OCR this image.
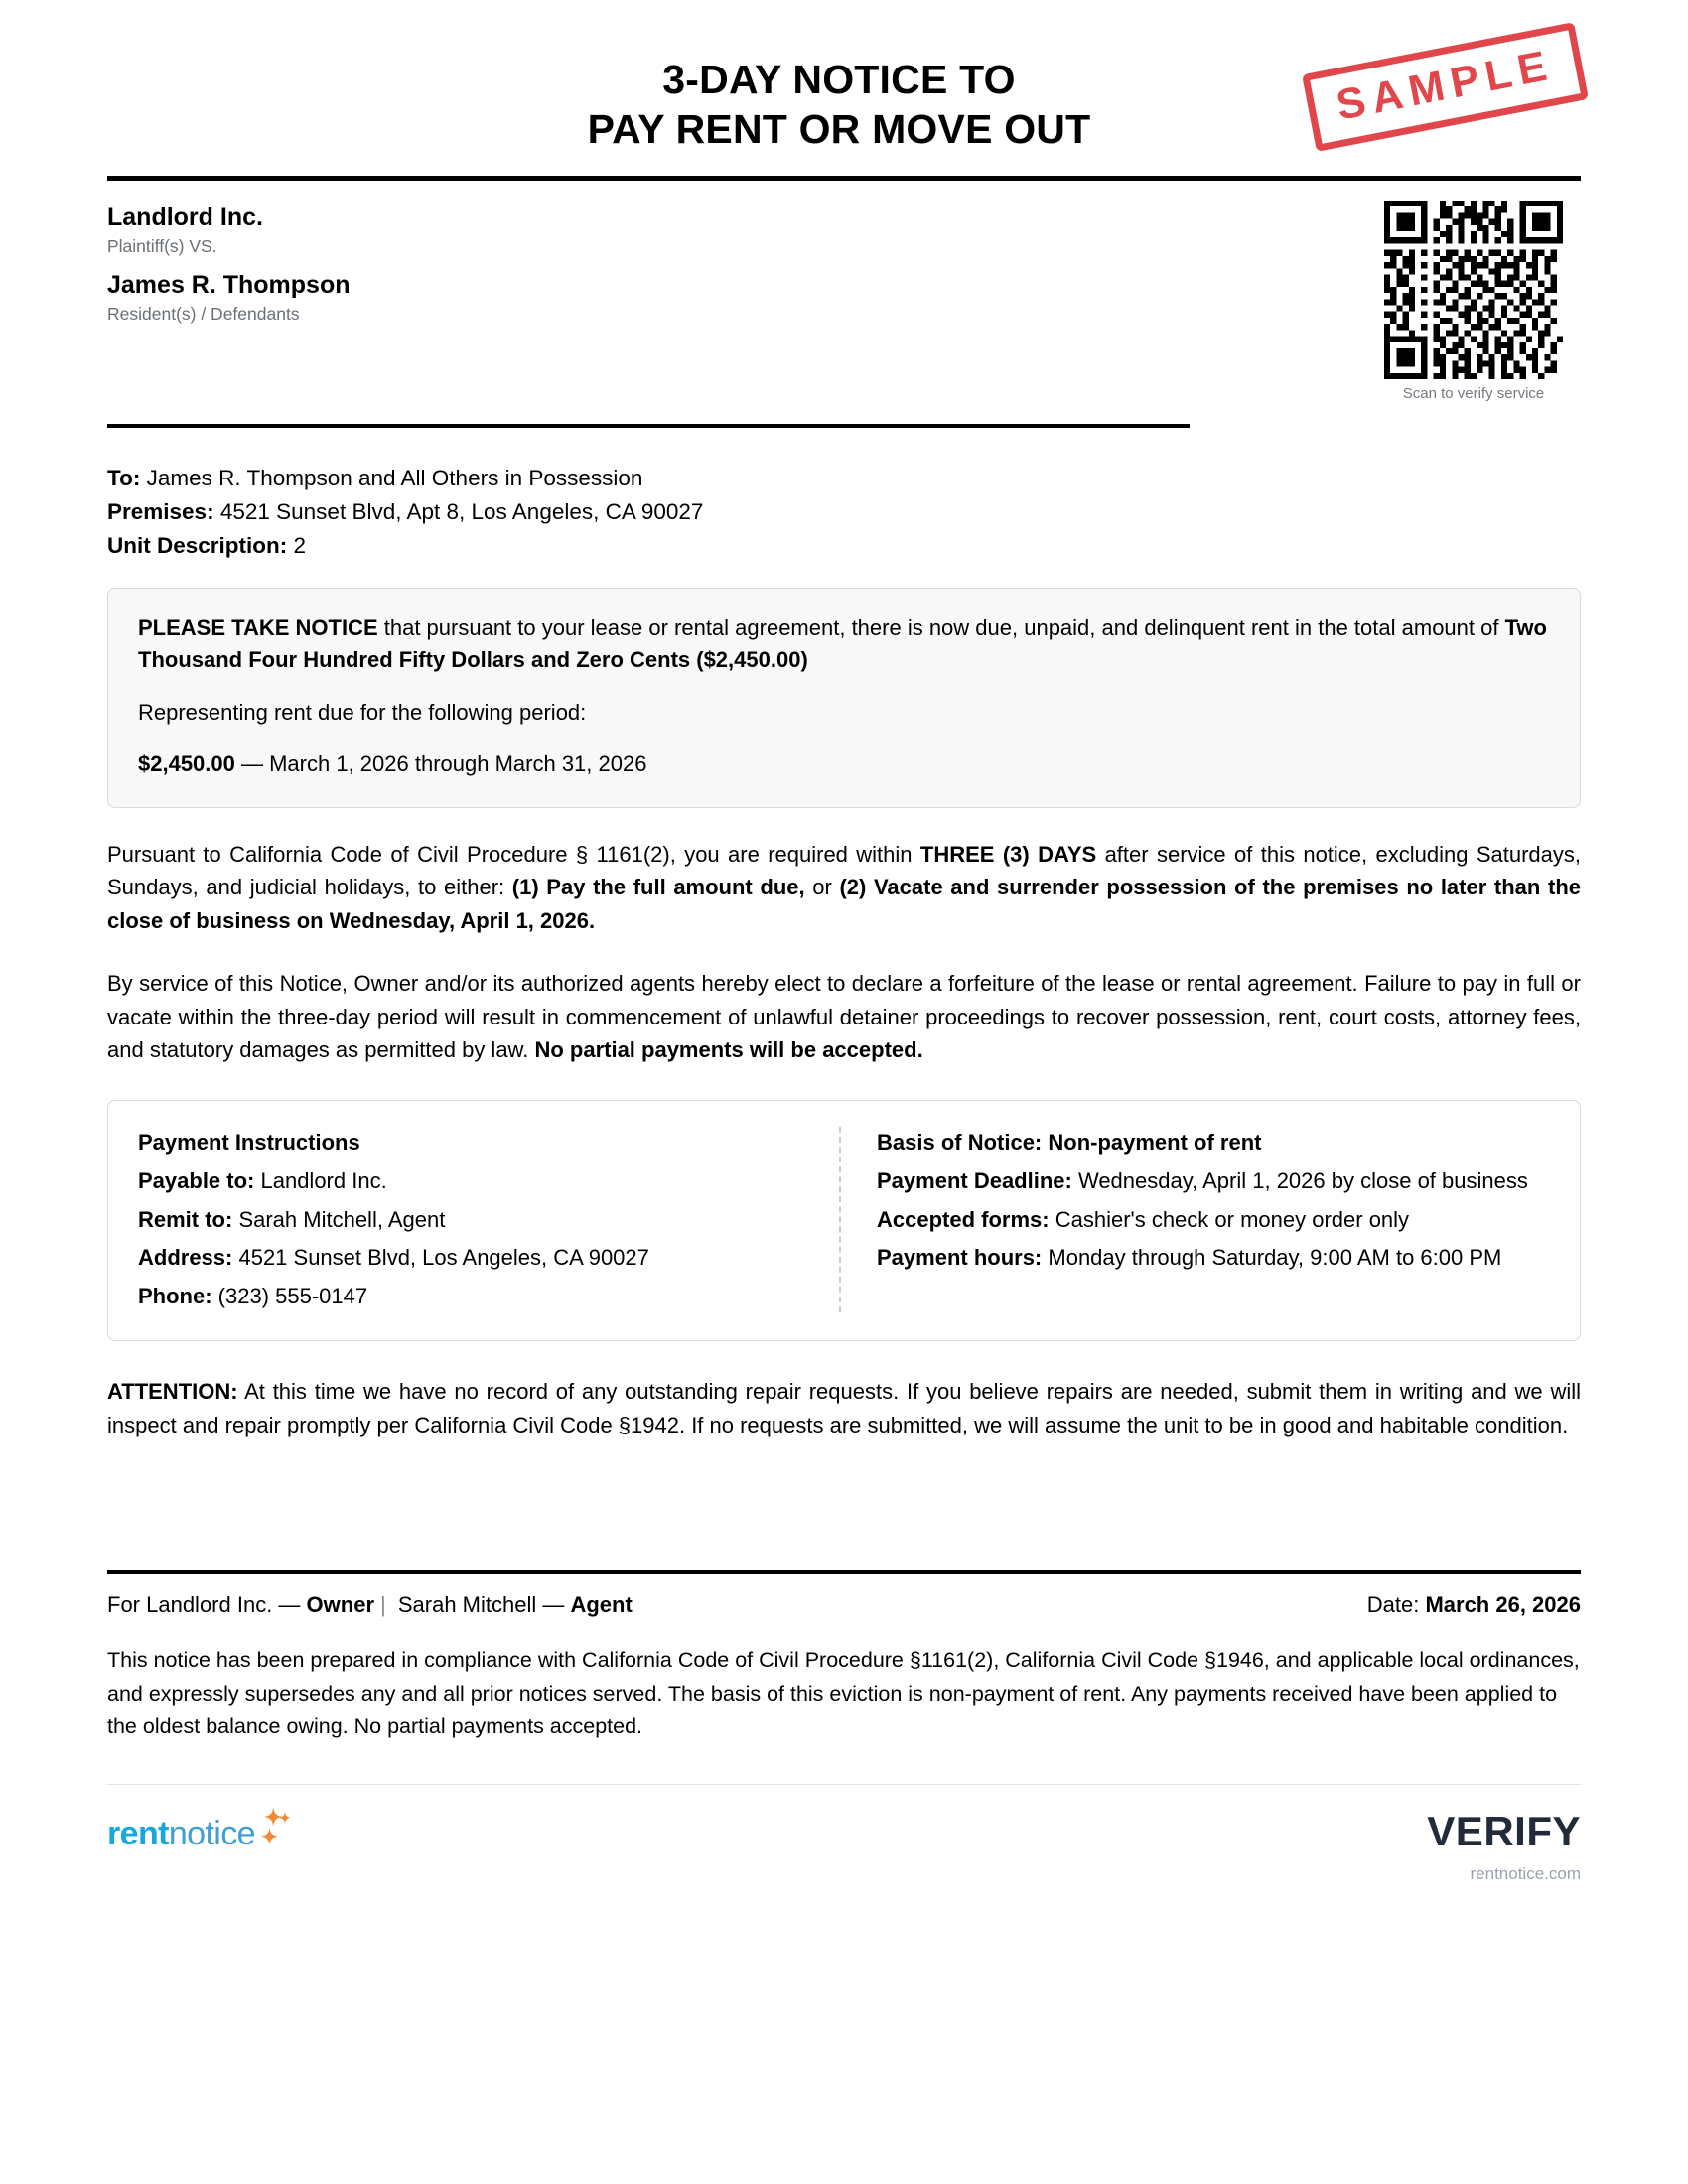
SAMPLE
3-DAY NOTICE TO
PAY RENT OR MOVE OUT
Landlord Inc.
Plaintiff(s) VS.
James R. Thompson
Resident(s) / Defendants
Scan to verify service
To: James R. Thompson and All Others in Possession
Premises: 4521 Sunset Blvd, Apt 8, Los Angeles, CA 90027
Unit Description: 2

PLEASE TAKE NOTICE that pursuant to your lease or rental agreement, there is now due, unpaid, and delinquent rent in the total amount of Two Thousand Four Hundred Fifty Dollars and Zero Cents ($2,450.00)

Representing rent due for the following period:

$2,450.00 — March 1, 2026 through March 31, 2026

Pursuant to California Code of Civil Procedure § 1161(2), you are required within THREE (3) DAYS after service of this notice, excluding Saturdays, Sundays, and judicial holidays, to either: (1) Pay the full amount due, or (2) Vacate and surrender possession of the premises no later than the close of business on Wednesday, April 1, 2026.

By service of this Notice, Owner and/or its authorized agents hereby elect to declare a forfeiture of the lease or rental agreement. Failure to pay in full or vacate within the three-day period will result in commencement of unlawful detainer proceedings to recover possession, rent, court costs, attorney fees, and statutory damages as permitted by law. No partial payments will be accepted.

Payment Instructions
Payable to: Landlord Inc.
Remit to: Sarah Mitchell, Agent
Address: 4521 Sunset Blvd, Los Angeles, CA 90027
Phone: (323) 555-0147
Basis of Notice: Non-payment of rent
Payment Deadline: Wednesday, April 1, 2026 by close of business
Accepted forms: Cashier's check or money order only
Payment hours: Monday through Saturday, 9:00 AM to 6:00 PM

ATTENTION: At this time we have no record of any outstanding repair requests. If you believe repairs are needed, submit them in writing and we will inspect and repair promptly per California Civil Code §1942. If no requests are submitted, we will assume the unit to be in good and habitable condition.

For Landlord Inc. — Owner | Sarah Mitchell — Agent	Date: March 26, 2026

This notice has been prepared in compliance with California Code of Civil Procedure §1161(2), California Civil Code §1946, and applicable local ordinances, and expressly supersedes any and all prior notices served. The basis of this eviction is non-payment of rent. Any payments received have been applied to the oldest balance owing. No partial payments accepted.

rent notice ✦
✦
✦	VERIFY
rentnotice.com
